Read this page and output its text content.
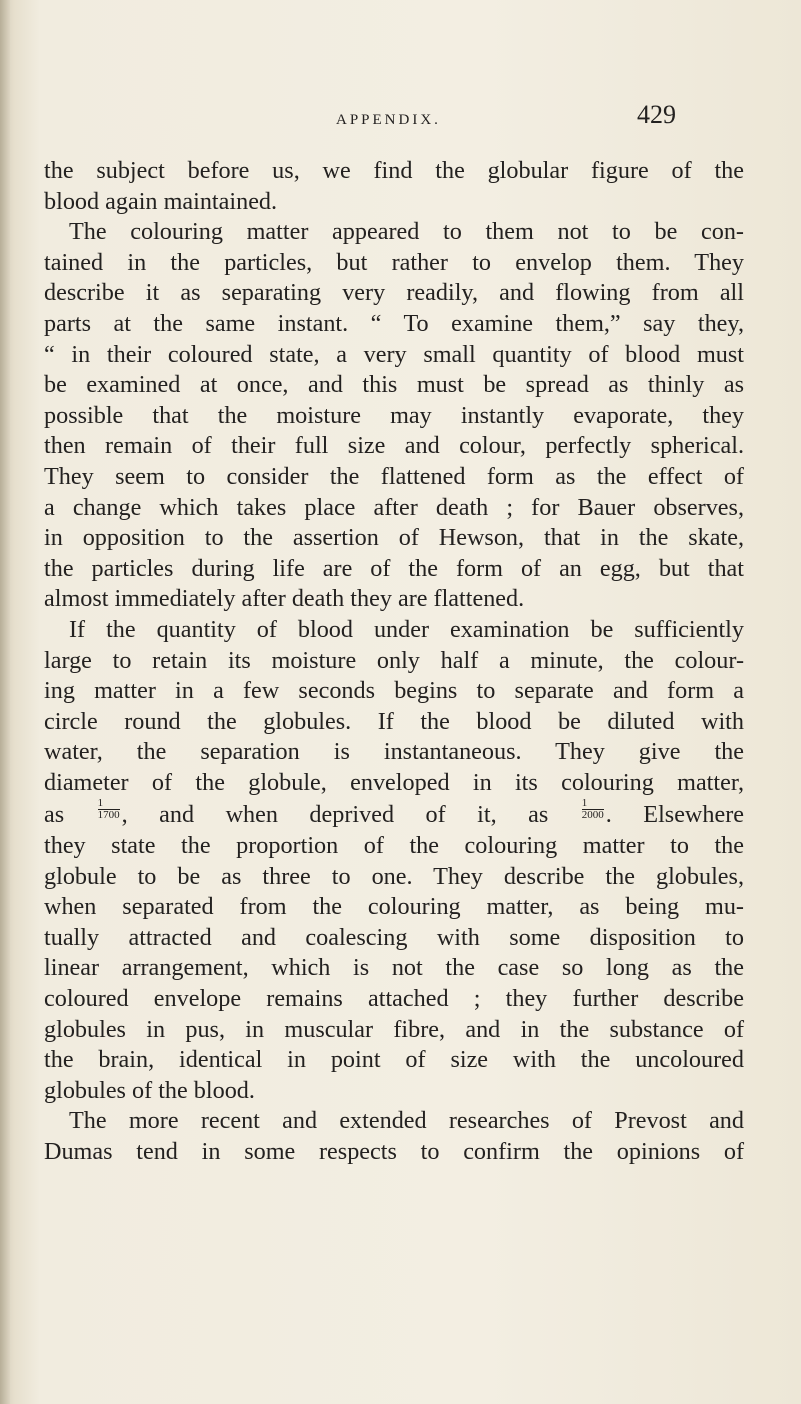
APPENDIX.	429
the subject before us, we find the globular figure of the
blood again maintained.
The colouring matter appeared to them not to be con-
tained in the particles, but rather to envelop them. They
describe it as separating very readily, and flowing from all
parts at the same instant. “ To examine them,” say they,
“ in their coloured state, a very small quantity of blood must
be examined at once, and this must be spread as thinly as
possible that the moisture may instantly evaporate, they
then remain of their full size and colour, perfectly spherical.
They seem to consider the flattened form as the effect of
a change which takes place after death ; for Bauer observes,
in opposition to the assertion of Hewson, that in the skate,
the particles during life are of the form of an egg, but that
almost immediately after death they are flattened.
If the quantity of blood under examination be sufficiently
large to retain its moisture only half a minute, the colour-
ing matter in a few seconds begins to separate and form a
circle round the globules. If the blood be diluted with
water, the separation is instantaneous. They give the
diameter of the globule, enveloped in its colouring matter,
as	$\frac{1}{1700}$ , and when deprived of it, as	$\frac{1}{2000}$ . Elsewhere
they state the proportion of the colouring matter to the
globule to be as three to one. They describe the globules,
when separated from the colouring matter, as being mu-
tually attracted and coalescing with some disposition to
linear arrangement, which is not the case so long as the
coloured envelope remains attached ; they further describe
globules in pus, in muscular fibre, and in the substance of
the brain, identical in point of size with the uncoloured
globules of the blood.
The more recent and extended researches of Prevost and
Dumas tend in some respects to confirm the opinions of
